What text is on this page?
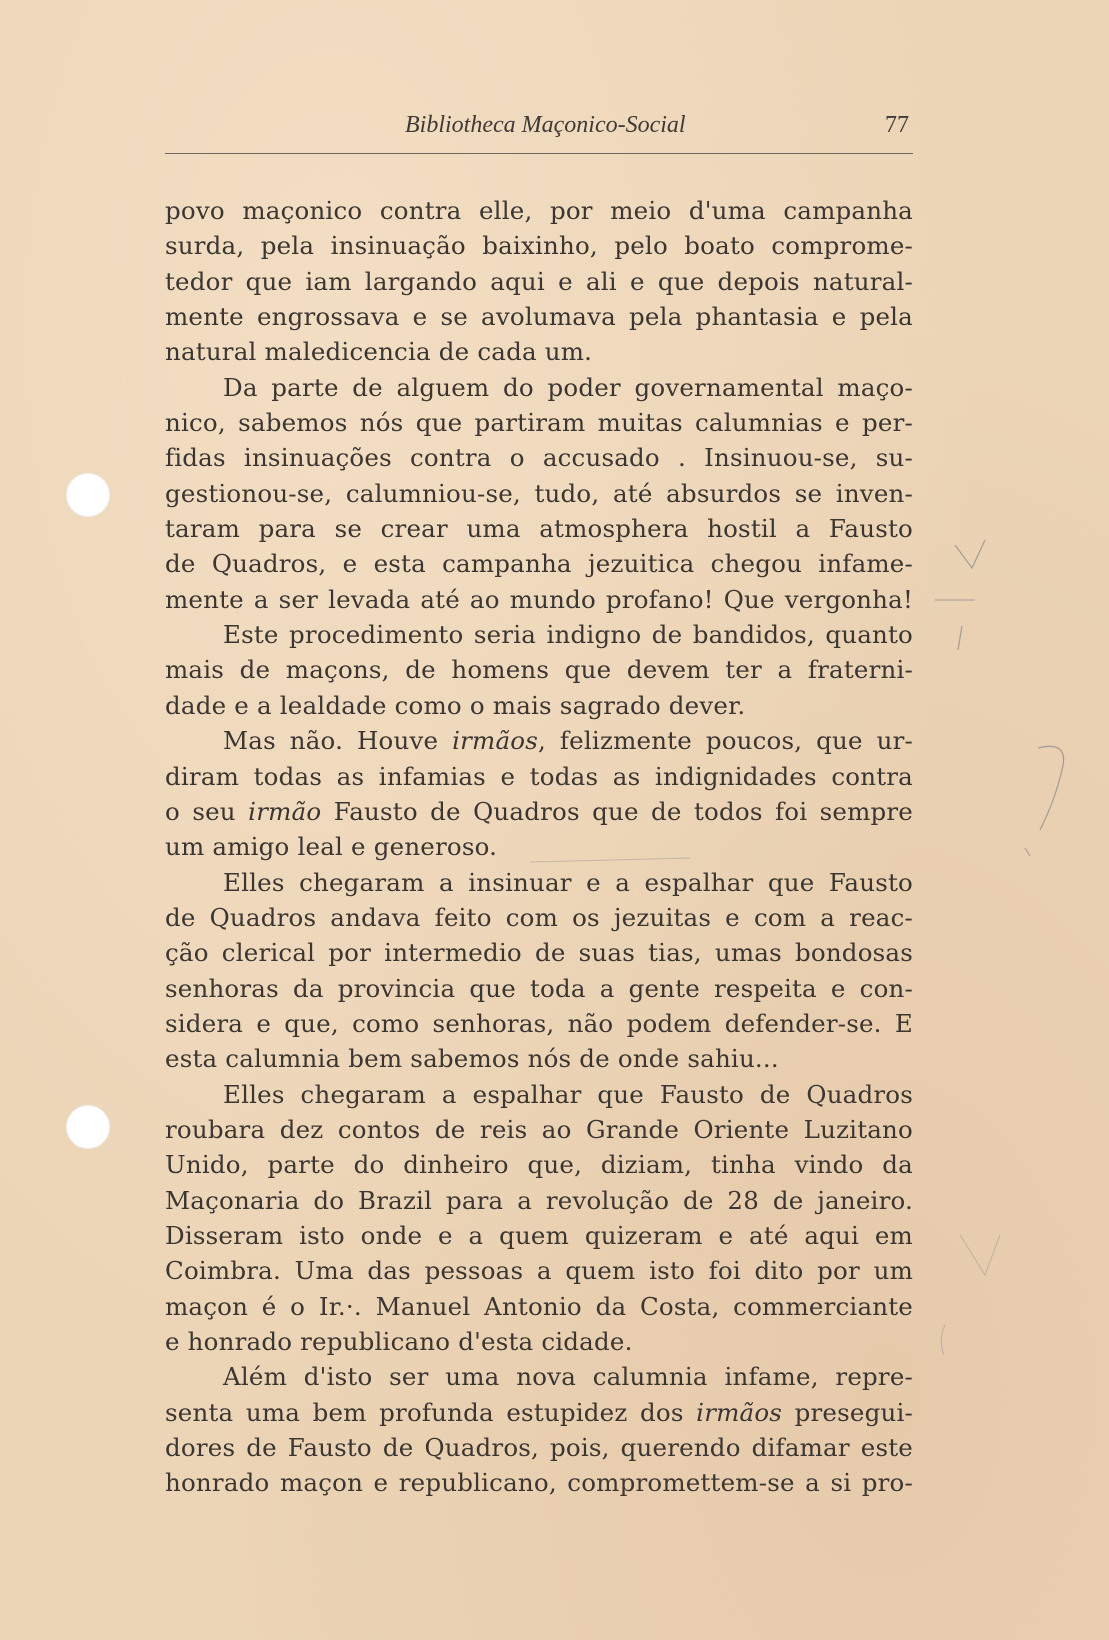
Bibliotheca Maçonico-Social	77
povo maçonico contra elle, por meio d'uma campanha
surda, pela insinuação baixinho, pelo boato comprome-
tedor que iam largando aqui e ali e que depois natural-
mente engrossava e se avolumava pela phantasia e pela
natural maledicencia de cada um.
Da parte de alguem do poder governamental maço-
nico, sabemos nós que partiram muitas calumnias e per-
fidas insinuações contra o accusado . Insinuou-se, su-
gestionou-se, calumniou-se, tudo, até absurdos se inven-
taram para se crear uma atmosphera hostil a Fausto
de Quadros, e esta campanha jezuitica chegou infame-
mente a ser levada até ao mundo profano! Que vergonha!
Este procedimento seria indigno de bandidos, quanto
mais de maçons, de homens que devem ter a fraterni-
dade e a lealdade como o mais sagrado dever.
Mas não. Houve irmãos, felizmente poucos, que ur-
diram todas as infamias e todas as indignidades contra
o seu irmão Fausto de Quadros que de todos foi sempre
um amigo leal e generoso.
Elles chegaram a insinuar e a espalhar que Fausto
de Quadros andava feito com os jezuitas e com a reac-
ção clerical por intermedio de suas tias, umas bondosas
senhoras da provincia que toda a gente respeita e con-
sidera e que, como senhoras, não podem defender-se. E
esta calumnia bem sabemos nós de onde sahiu...
Elles chegaram a espalhar que Fausto de Quadros
roubara dez contos de reis ao Grande Oriente Luzitano
Unido, parte do dinheiro que, diziam, tinha vindo da
Maçonaria do Brazil para a revolução de 28 de janeiro.
Disseram isto onde e a quem quizeram e até aqui em
Coimbra. Uma das pessoas a quem isto foi dito por um
maçon é o Ir.·. Manuel Antonio da Costa, commerciante
e honrado republicano d'esta cidade.
Além d'isto ser uma nova calumnia infame, repre-
senta uma bem profunda estupidez dos irmãos presegui-
dores de Fausto de Quadros, pois, querendo difamar este
honrado maçon e republicano, compromettem-se a si pro-
